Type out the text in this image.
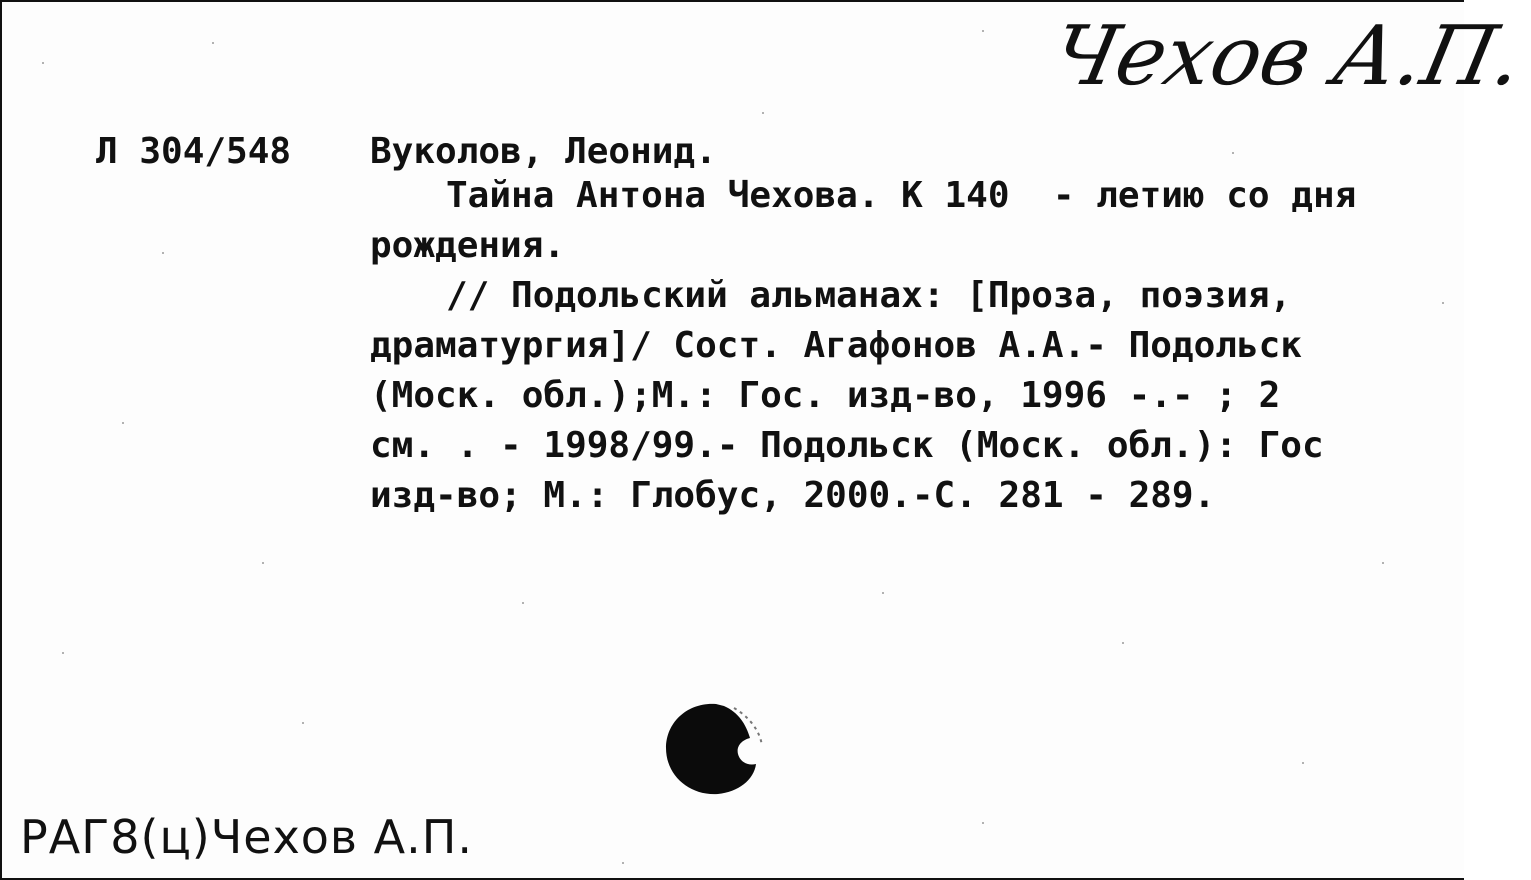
Чехов А.П.
Л 304/548 Вуколов, Леонид.
Тайна Антона Чехова. К 140  - летию со дня
рождения.
// Подольский альманах: [Проза, поэзия,
драматургия]/ Сост. Агафонов А.А.- Подольск
(Моск. обл.);М.: Гос. изд-во, 1996 -.- ; 2
см. . - 1998/99.- Подольск (Моск. обл.): Гос
изд-во; М.: Глобус, 2000.-С. 281 - 289.
РАГ8(ц)Чехов А.П.
